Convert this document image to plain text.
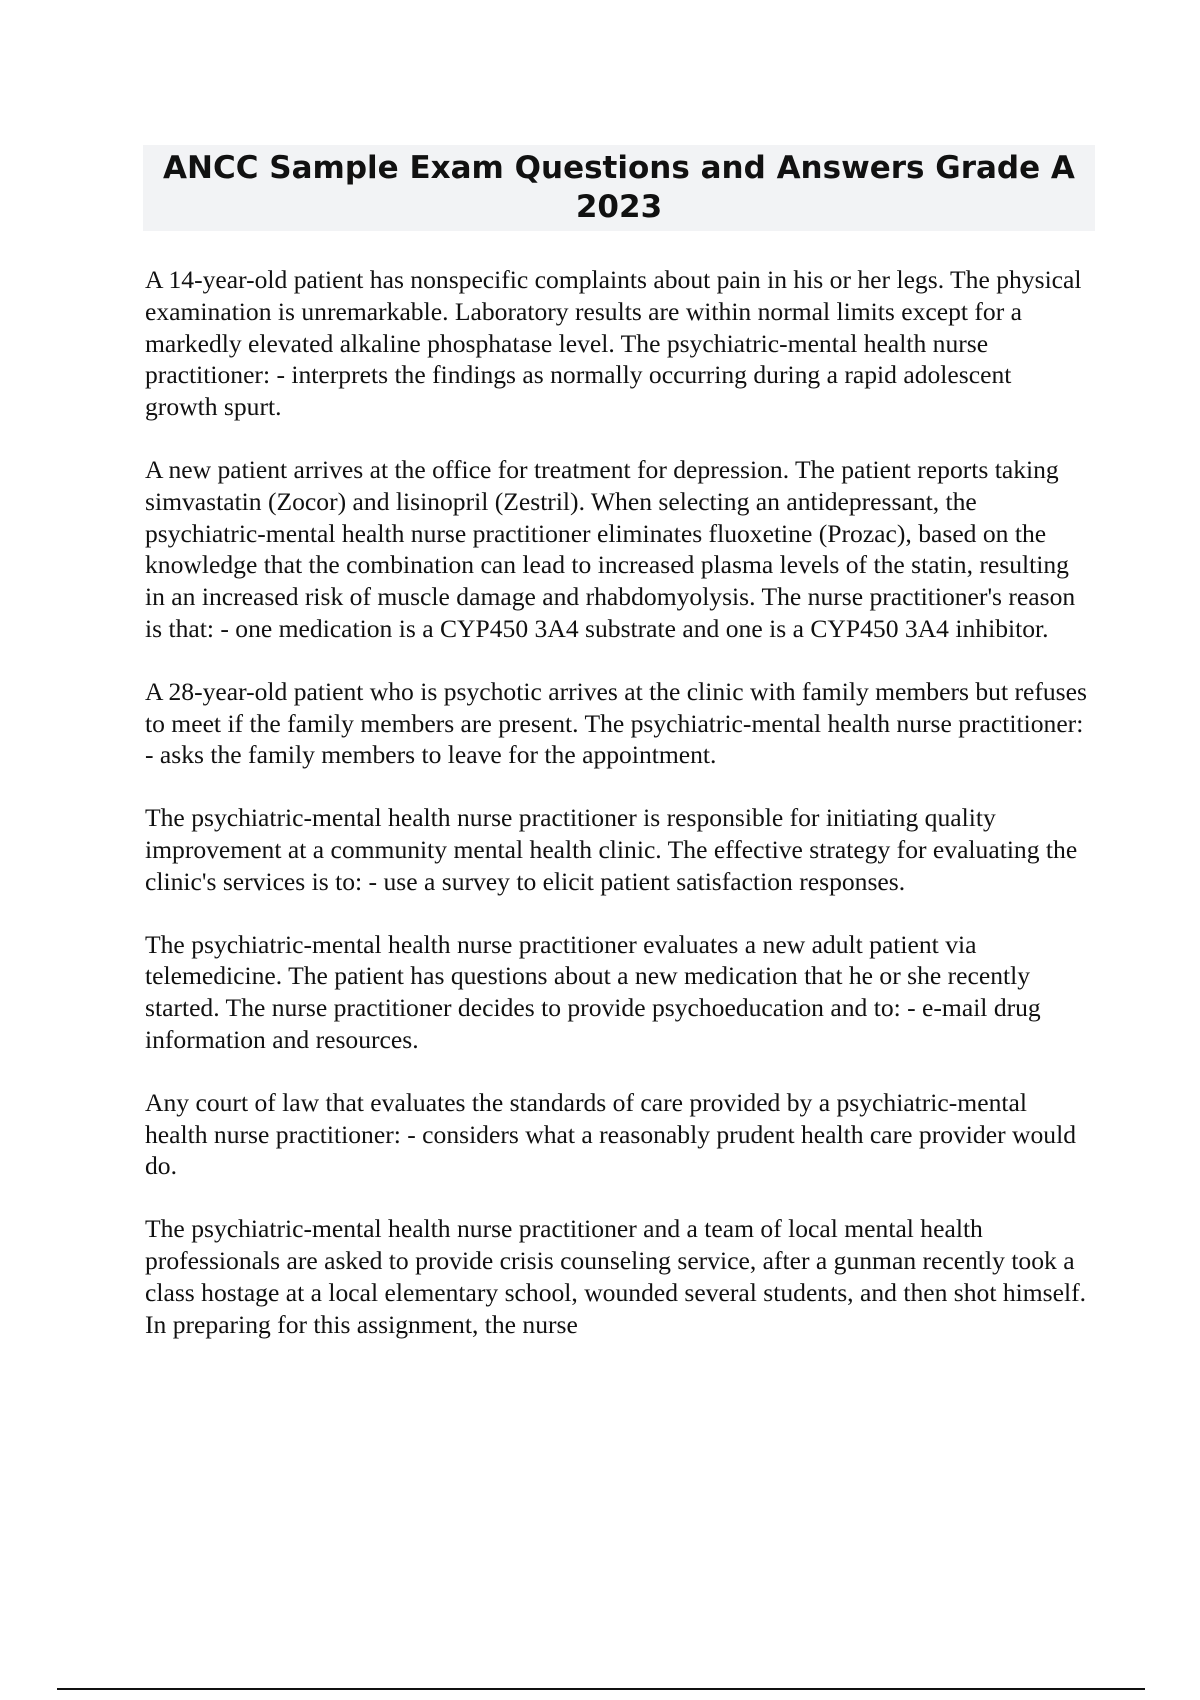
ANCC Sample Exam Questions and Answers Grade A 2023

A 14-year-old patient has nonspecific complaints about pain in his or her legs. The physical examination is unremarkable. Laboratory results are within normal limits except for a markedly elevated alkaline phosphatase level. The psychiatric-mental health nurse practitioner: - interprets the findings as normally occurring during a rapid adolescent growth spurt.

A new patient arrives at the office for treatment for depression. The patient reports taking simvastatin (Zocor) and lisinopril (Zestril). When selecting an antidepressant, the psychiatric-mental health nurse practitioner eliminates fluoxetine (Prozac), based on the knowledge that the combination can lead to increased plasma levels of the statin, resulting in an increased risk of muscle damage and rhabdomyolysis. The nurse practitioner's reason is that: - one medication is a CYP450 3A4 substrate and one is a CYP450 3A4 inhibitor.

A 28-year-old patient who is psychotic arrives at the clinic with family members but refuses to meet if the family members are present. The psychiatric-mental health nurse practitioner: - asks the family members to leave for the appointment.

The psychiatric-mental health nurse practitioner is responsible for initiating quality improvement at a community mental health clinic. The effective strategy for evaluating the clinic's services is to: - use a survey to elicit patient satisfaction responses.

The psychiatric-mental health nurse practitioner evaluates a new adult patient via telemedicine. The patient has questions about a new medication that he or she recently started. The nurse practitioner decides to provide psychoeducation and to: - e-mail drug information and resources.

Any court of law that evaluates the standards of care provided by a psychiatric-mental health nurse practitioner: - considers what a reasonably prudent health care provider would do.

The psychiatric-mental health nurse practitioner and a team of local mental health professionals are asked to provide crisis counseling service, after a gunman recently took a class hostage at a local elementary school, wounded several students, and then shot himself. In preparing for this assignment, the nurse
